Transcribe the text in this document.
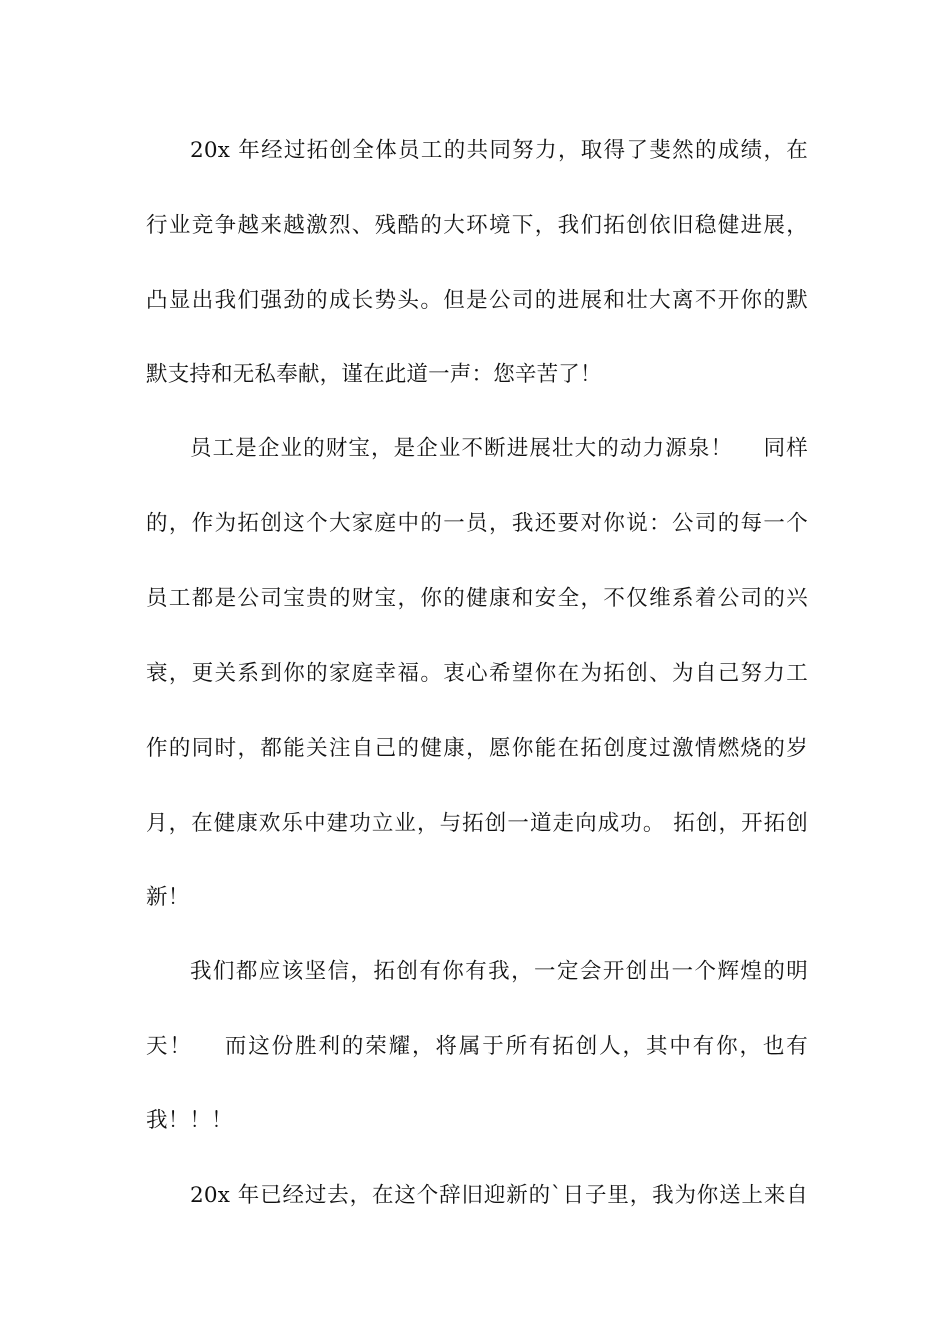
20x 年经过拓创全体员工的共同努力，取得了斐然的成绩，在
行业竞争越来越激烈、残酷的大环境下，我们拓创依旧稳健进展，
凸显出我们强劲的成长势头。但是公司的进展和壮大离不开你的默
默支持和无私奉献，谨在此道一声：您辛苦了！
员工是企业的财宝，是企业不断进展壮大的动力源泉！　 同样
的，作为拓创这个大家庭中的一员，我还要对你说：公司的每一个
员工都是公司宝贵的财宝，你的健康和安全，不仅维系着公司的兴
衰，更关系到你的家庭幸福。衷心希望你在为拓创、为自己努力工
作的同时，都能关注自己的健康，愿你能在拓创度过激情燃烧的岁
月，在健康欢乐中建功立业，与拓创一道走向成功。 拓创，开拓创
新！
我们都应该坚信，拓创有你有我，一定会开创出一个辉煌的明
天！　 而这份胜利的荣耀，将属于所有拓创人，其中有你，也有
我！！！
20x 年已经过去，在这个辞旧迎新的`日子里，我为你送上来自
